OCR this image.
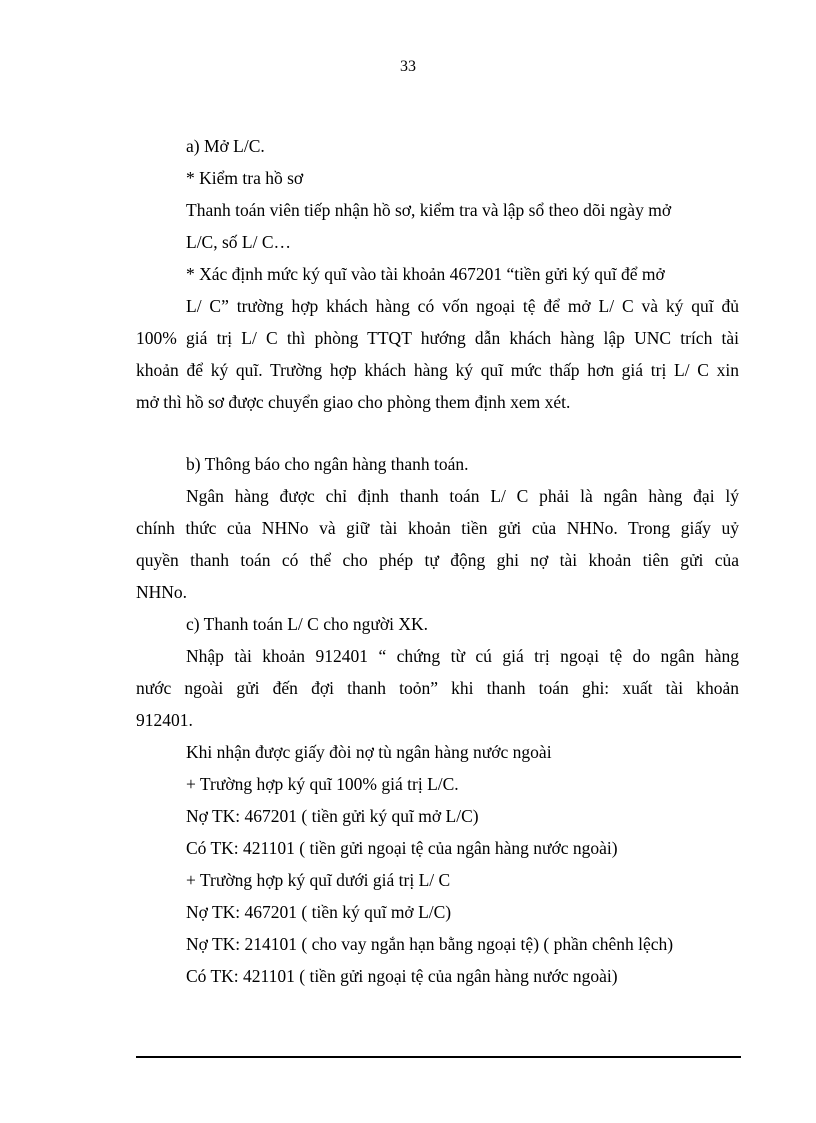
33
a) Mở L/C.
* Kiểm tra hồ sơ
Thanh toán viên tiếp nhận hồ sơ, kiểm tra và lập sổ theo dõi ngày mở
L/C, số L/ C…
* Xác định mức ký quĩ vào tài khoản 467201 “tiền gửi ký quĩ để mở
L/ C” trường hợp khách hàng có vốn ngoại tệ để mở L/ C và ký quĩ đủ
100% giá trị L/ C thì phòng TTQT hướng dẫn khách hàng lập UNC trích tài
khoản để ký quĩ. Trường hợp khách hàng ký quĩ mức thấp hơn giá trị L/ C xin
mở thì hồ sơ được chuyển giao cho phòng them định xem xét.
b) Thông báo cho ngân hàng thanh toán.
Ngân hàng được chỉ định thanh toán L/ C phải là ngân hàng đại lý
chính thức của NHNo và giữ tài khoản tiền gửi của NHNo. Trong giấy uỷ
quyền thanh toán có thể cho phép tự động ghi nợ tài khoản tiên gửi của
NHNo.
c) Thanh toán L/ C cho người XK.
Nhập tài khoản 912401 “ chứng từ cú giá trị ngoại tệ do ngân hàng
nước ngoài gửi đến đợi thanh toỏn” khi thanh toán ghi: xuất tài khoản
912401.
Khi nhận được giấy đòi nợ tù ngân hàng nước ngoài
+ Trường hợp ký quĩ 100% giá trị L/C.
Nợ TK: 467201 ( tiền gửi ký quĩ mở L/C)
Có TK: 421101 ( tiền gửi ngoại tệ của ngân hàng nước ngoài)
+ Trường hợp ký quĩ dưới giá trị L/ C
Nợ TK: 467201 ( tiền ký quĩ mở L/C)
Nợ TK: 214101 ( cho vay ngắn hạn bằng ngoại tệ) ( phần chênh lệch)
Có TK: 421101 ( tiền gửi ngoại tệ của ngân hàng nước ngoài)
